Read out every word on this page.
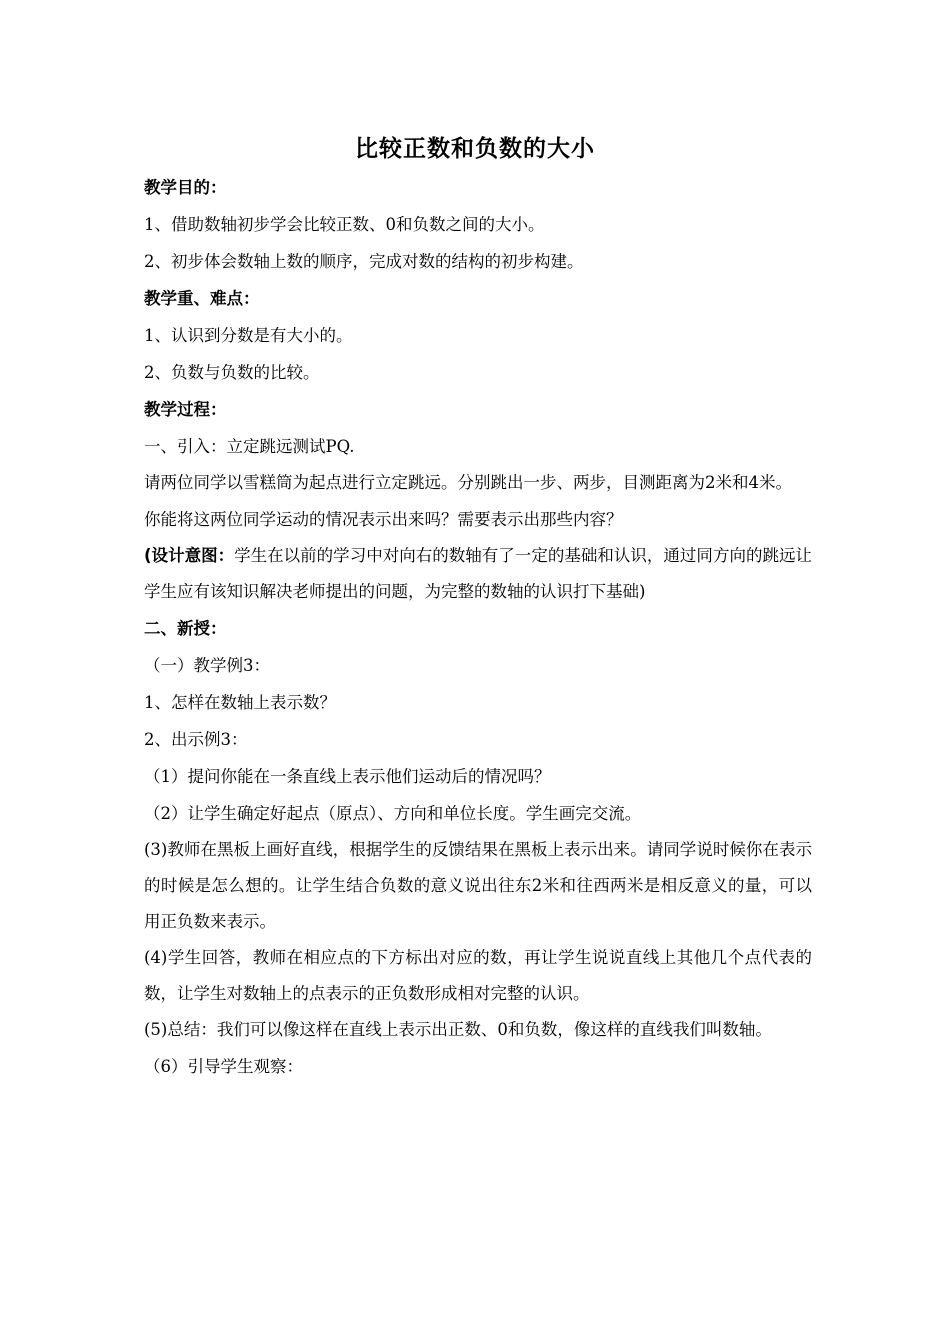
比较正数和负数的大小

教学目的：

1、借助数轴初步学会比较正数、0和负数之间的大小。

2、初步体会数轴上数的顺序，完成对数的结构的初步构建。

教学重、难点：

1、认识到分数是有大小的。

2、负数与负数的比较。

教学过程：

一、引入：立定跳远测试PQ.

请两位同学以雪糕筒为起点进行立定跳远。分别跳出一步、两步，目测距离为2米和4米。

你能将这两位同学运动的情况表示出来吗？需要表示出那些内容？

(设计意图：学生在以前的学习中对向右的数轴有了一定的基础和认识，通过同方向的跳远让学生应有该知识解决老师提出的问题，为完整的数轴的认识打下基础)

二、新授：

（一）教学例3：

1、怎样在数轴上表示数？

2、出示例3：

（1）提问你能在一条直线上表示他们运动后的情况吗？

（2）让学生确定好起点（原点）、方向和单位长度。学生画完交流。

(3)教师在黑板上画好直线，根据学生的反馈结果在黑板上表示出来。请同学说时候你在表示的时候是怎么想的。让学生结合负数的意义说出往东2米和往西两米是相反意义的量，可以用正负数来表示。

(4)学生回答，教师在相应点的下方标出对应的数，再让学生说说直线上其他几个点代表的数，让学生对数轴上的点表示的正负数形成相对完整的认识。

(5)总结：我们可以像这样在直线上表示出正数、0和负数，像这样的直线我们叫数轴。

（6）引导学生观察：
